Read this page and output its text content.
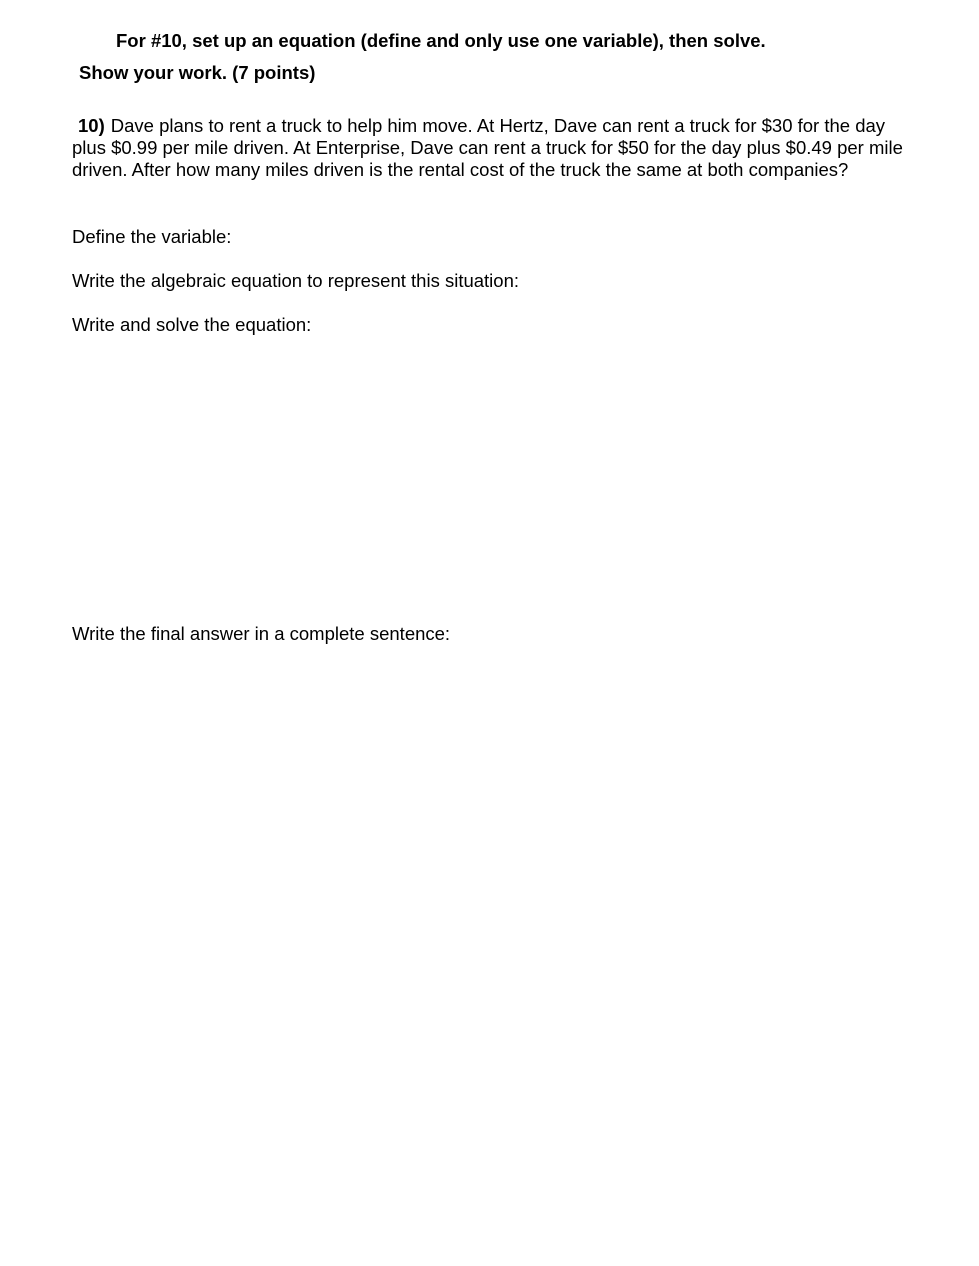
For #10, set up an equation (define and only use one variable), then solve.
Show your work. (7 points)
10) Dave plans to rent a truck to help him move. At Hertz, Dave can rent a truck for $30 for the day plus $0.99 per mile driven. At Enterprise, Dave can rent a truck for $50 for the day plus $0.49 per mile driven. After how many miles driven is the rental cost of the truck the same at both companies?
Define the variable:
Write the algebraic equation to represent this situation:
Write and solve the equation:
Write the final answer in a complete sentence:
